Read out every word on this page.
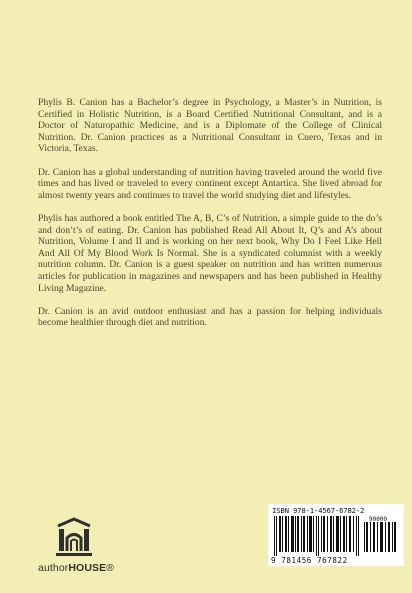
Phylis B. Canion has a Bachelor’s degree in Psychology, a Master’s in Nutrition, is Certified in Holistic Nutrition, is a Board Certified Nutritional Consultant, and is a Doctor of Naturopathic Medicine, and is a Diplomate of the College of Clinical Nutrition. Dr. Canion practices as a Nutritional Consultant in Cuero, Texas and in Victoria, Texas.

Dr. Canion has a global understanding of nutrition having traveled around the world five times and has lived or traveled to every continent except Antartica. She lived abroad for almost twenty years and continues to travel the world studying diet and lifestyles.

Phylis has authored a book entitled The A, B, C’s of Nutrition, a simple guide to the do’s and don’t’s of eating. Dr. Canion has published Read All About It, Q’s and A’s about Nutrition, Volume I and II and is working on her next book, Why Do I Feel Like Hell And All Of My Blood Work Is Normal. She is a syndicated columnist with a weekly nutrition column. Dr. Canion is a guest speaker on nutrition and has written numerous articles for publication in magazines and newspapers and has been published in Healthy Living Magazine.

Dr. Canion is an avid outdoor enthusiast and has a passion for helping individuals become healthier through diet and nutrition.

authorHOUSE®
ISBN 978-1-4567-6782-2
90000
9 781456 767822
